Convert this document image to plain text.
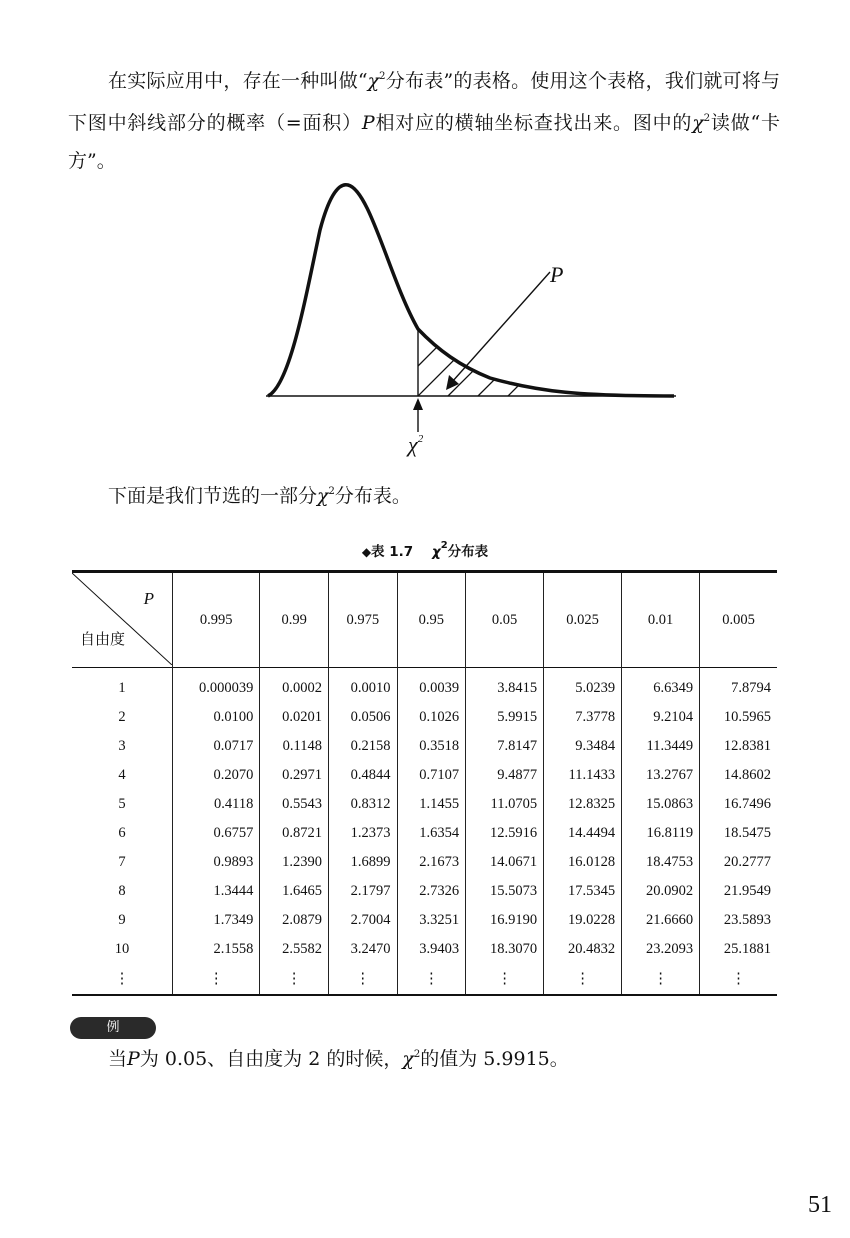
在实际应用中，存在一种叫做“$\chi^2$分布表”的表格。使用这个表格，我们就可将与下图中斜线部分的概率（=面积）P相对应的横轴坐标查找出来。图中的$\chi^2$读做“卡方”。

P
$\chi^2$

下面是我们节选的一部分$\chi^2$分布表。

◆表 1.7 $\chi^2$分布表
P
自由度	0.995	0.99	0.975	0.95	0.05	0.025	0.01	0.005
1	0.000039	0.0002	0.0010	0.0039	3.8415	5.0239	6.6349	7.8794
2	0.0100	0.0201	0.0506	0.1026	5.9915	7.3778	9.2104	10.5965
3	0.0717	0.1148	0.2158	0.3518	7.8147	9.3484	11.3449	12.8381
4	0.2070	0.2971	0.4844	0.7107	9.4877	11.1433	13.2767	14.8602
5	0.4118	0.5543	0.8312	1.1455	11.0705	12.8325	15.0863	16.7496
6	0.6757	0.8721	1.2373	1.6354	12.5916	14.4494	16.8119	18.5475
7	0.9893	1.2390	1.6899	2.1673	14.0671	16.0128	18.4753	20.2777
8	1.3444	1.6465	2.1797	2.7326	15.5073	17.5345	20.0902	21.9549
9	1.7349	2.0879	2.7004	3.3251	16.9190	19.0228	21.6660	23.5893
10	2.1558	2.5582	3.2470	3.9403	18.3070	20.4832	23.2093	25.1881
⋮	⋮	⋮	⋮	⋮	⋮	⋮	⋮	⋮
例

当P为 0.05、自由度为 2 的时候，$\chi^2$的值为 5.9915。

51
